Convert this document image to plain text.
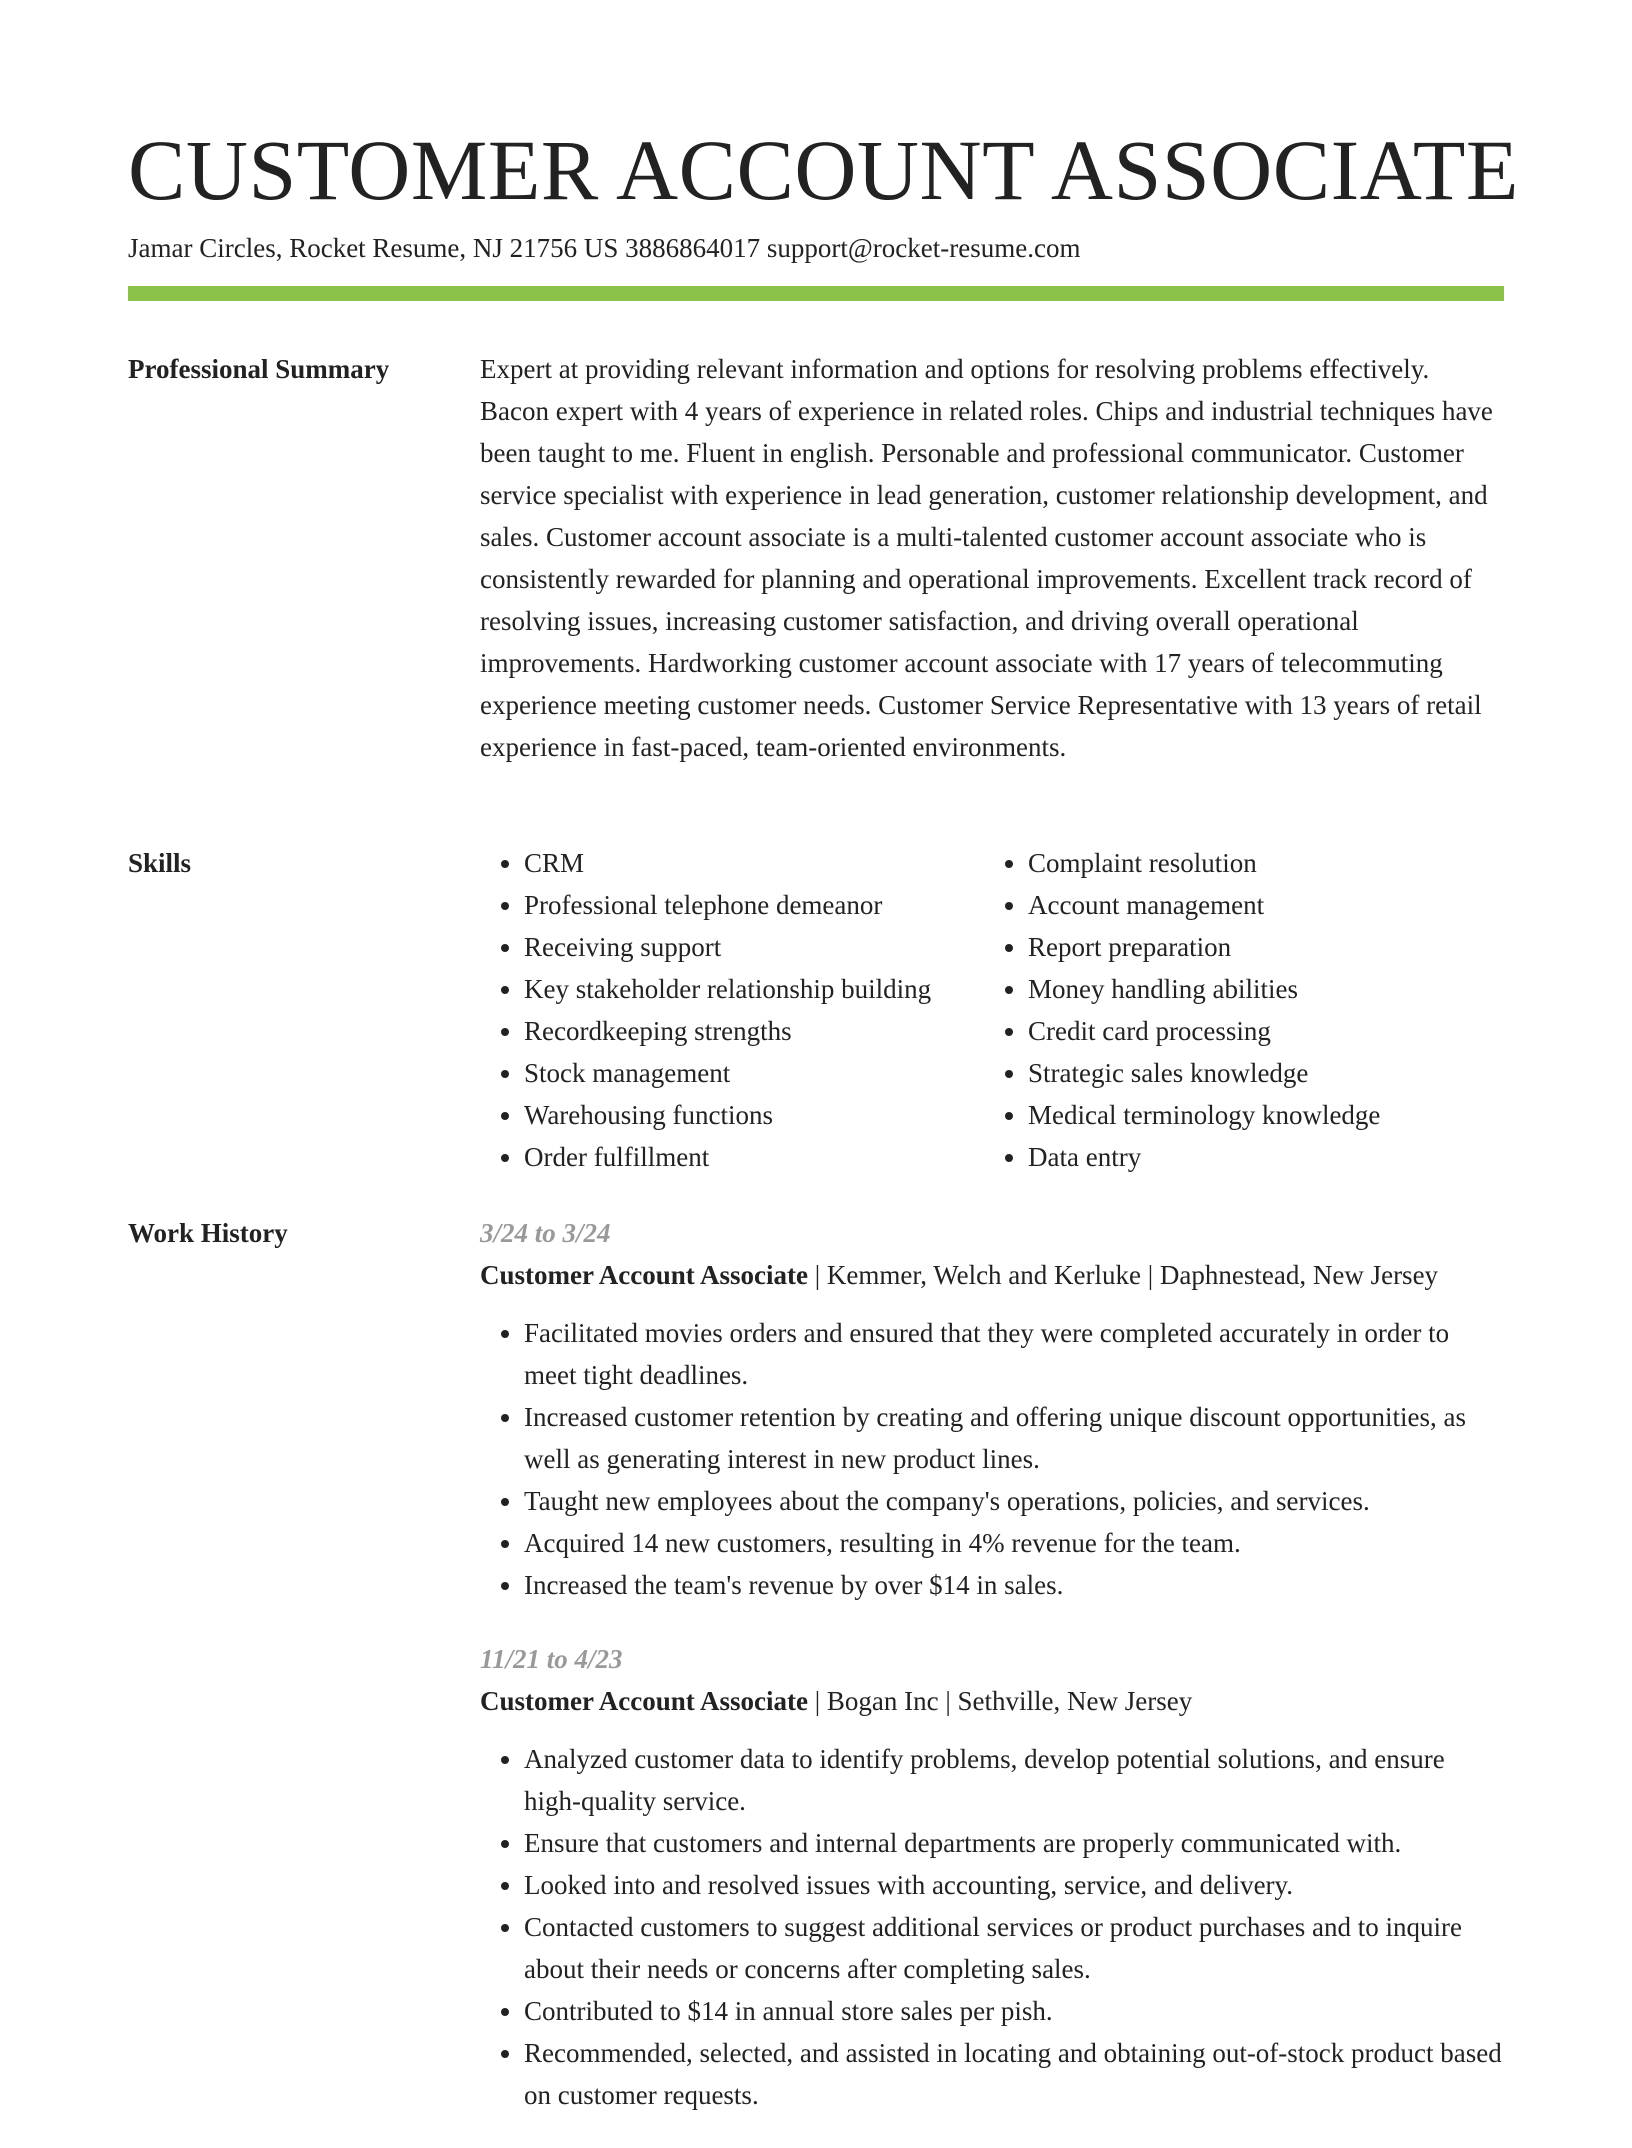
CUSTOMER ACCOUNT ASSOCIATE
Jamar Circles, Rocket Resume, NJ 21756 US 3886864017 support@rocket-resume.com
Professional Summary	Expert at providing relevant information and options for resolving problems effectively. Bacon expert with 4 years of experience in related roles. Chips and industrial techniques have been taught to me. Fluent in english. Personable and professional communicator. Customer service specialist with experience in lead generation, customer relationship development, and sales. Customer account associate is a multi-talented customer account associate who is consistently rewarded for planning and operational improvements. Excellent track record of resolving issues, increasing customer satisfaction, and driving overall operational improvements. Hardworking customer account associate with 17 years of telecommuting experience meeting customer needs. Customer Service Representative with 13 years of retail experience in fast-paced, team-oriented environments.

Skills
•	CRM
• Professional telephone demeanor
• Receiving support
• Key stakeholder relationship building
• Recordkeeping strengths
• Stock management
• Warehousing functions
• Order fulfillment
• Complaint resolution
• Account management
• Report preparation
• Money handling abilities
• Credit card processing
• Strategic sales knowledge
• Medical terminology knowledge
• Data entry
Work History	3/24 to 3/24
Customer Account Associate | Kemmer, Welch and Kerluke | Daphnestead, New Jersey
• Facilitated movies orders and ensured that they were completed accurately in order to meet tight deadlines.
• Increased customer retention by creating and offering unique discount opportunities, as well as generating interest in new product lines.
• Taught new employees about the company's operations, policies, and services.
• Acquired 14 new customers, resulting in 4% revenue for the team.
• Increased the team's revenue by over $14 in sales.
11/21 to 4/23
Customer Account Associate | Bogan Inc | Sethville, New Jersey
• Analyzed customer data to identify problems, develop potential solutions, and ensure high-quality service.
• Ensure that customers and internal departments are properly communicated with.
• Looked into and resolved issues with accounting, service, and delivery.
• Contacted customers to suggest additional services or product purchases and to inquire about their needs or concerns after completing sales.
• Contributed to $14 in annual store sales per pish.
• Recommended, selected, and assisted in locating and obtaining out-of-stock product based on customer requests.
